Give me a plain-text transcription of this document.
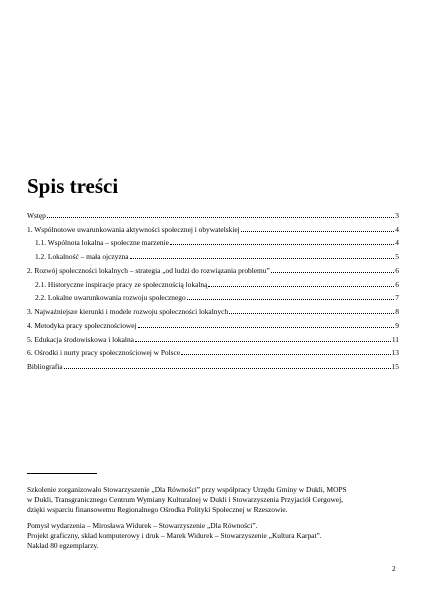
Spis treści
Wstęp	3
1. Wspólnotowe uwarunkowania aktywności społecznej i obywatelskiej	4
1.1. Wspólnota lokalna – społeczne marzenie	4
1.2. Lokalność – mała ojczyzna	5
2. Rozwój społeczności lokalnych – strategia „od ludzi do rozwiązania problemu”	6
2.1. Historyczne inspiracje pracy ze społecznością lokalną	6
2.2. Lokalne uwarunkowania rozwoju społecznego	7
3. Najważniejsze kierunki i modele rozwoju społeczności lokalnych	8
4. Metodyka pracy społecznościowej	9
5. Edukacja środowiskowa i lokalna	11
6. Ośrodki i nurty pracy społecznościowej w Polsce	13
Bibliografia	15

Szkolenie zorganizowało Stowarzyszenie „Dla Równości” przy współpracy Urzędu Gminy w Dukli, MOPS

w Dukli, Transgranicznego Centrum Wymiany Kulturalnej w Dukli i Stowarzyszenia Przyjaciół Cergowej,

dzięki wsparciu finansowemu Regionalnego Ośrodka Polityki Społecznej w Rzeszowie.

Pomysł wydarzenia – Mirosława Widurek – Stowarzyszenie „Dla Równości”.

Projekt graficzny, skład komputerowy i druk – Marek Widurek – Stowarzyszenie „Kultura Karpat”.

Nakład 80 egzemplarzy.

2
